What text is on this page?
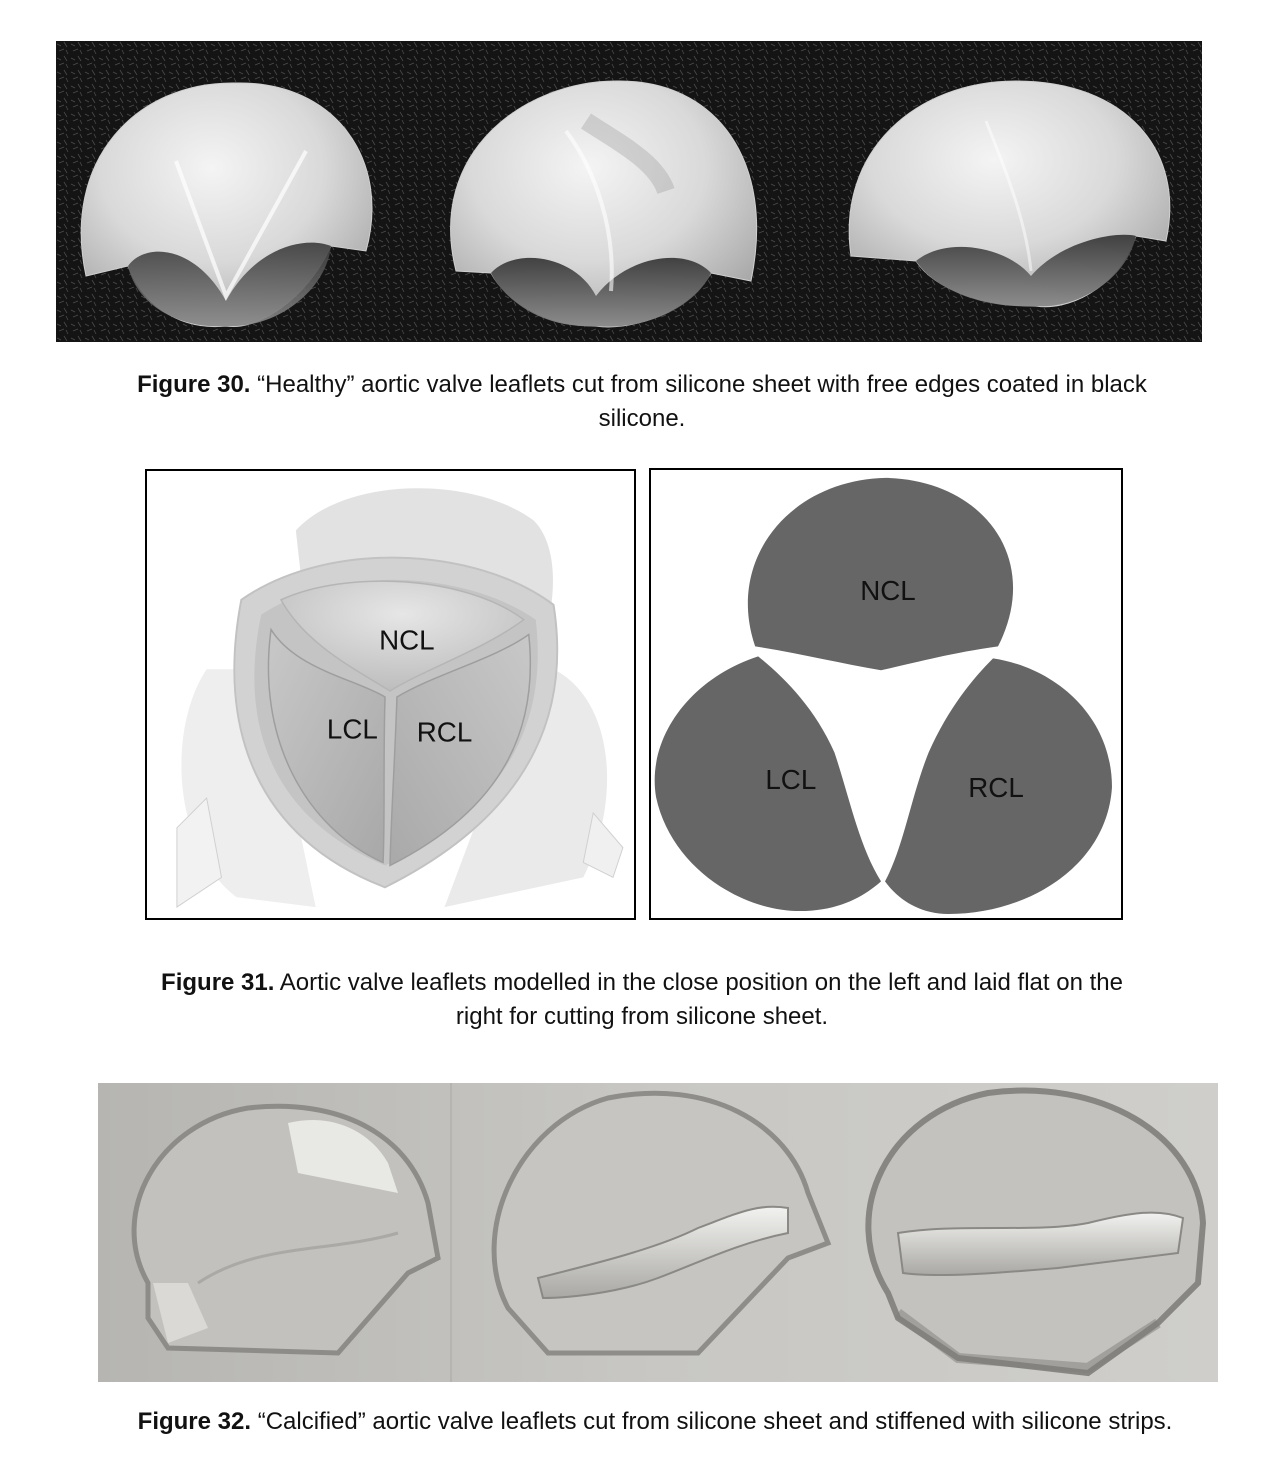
Figure 30. “Healthy” aortic valve leaflets cut from silicone sheet with free edges coated in black
silicone.
NCL
LCL RCL
NCL
LCL	RCL
Figure 31. Aortic valve leaflets modelled in the close position on the left and laid flat on the
right for cutting from silicone sheet.
Figure 32. “Calcified” aortic valve leaflets cut from silicone sheet and stiffened with silicone strips.
